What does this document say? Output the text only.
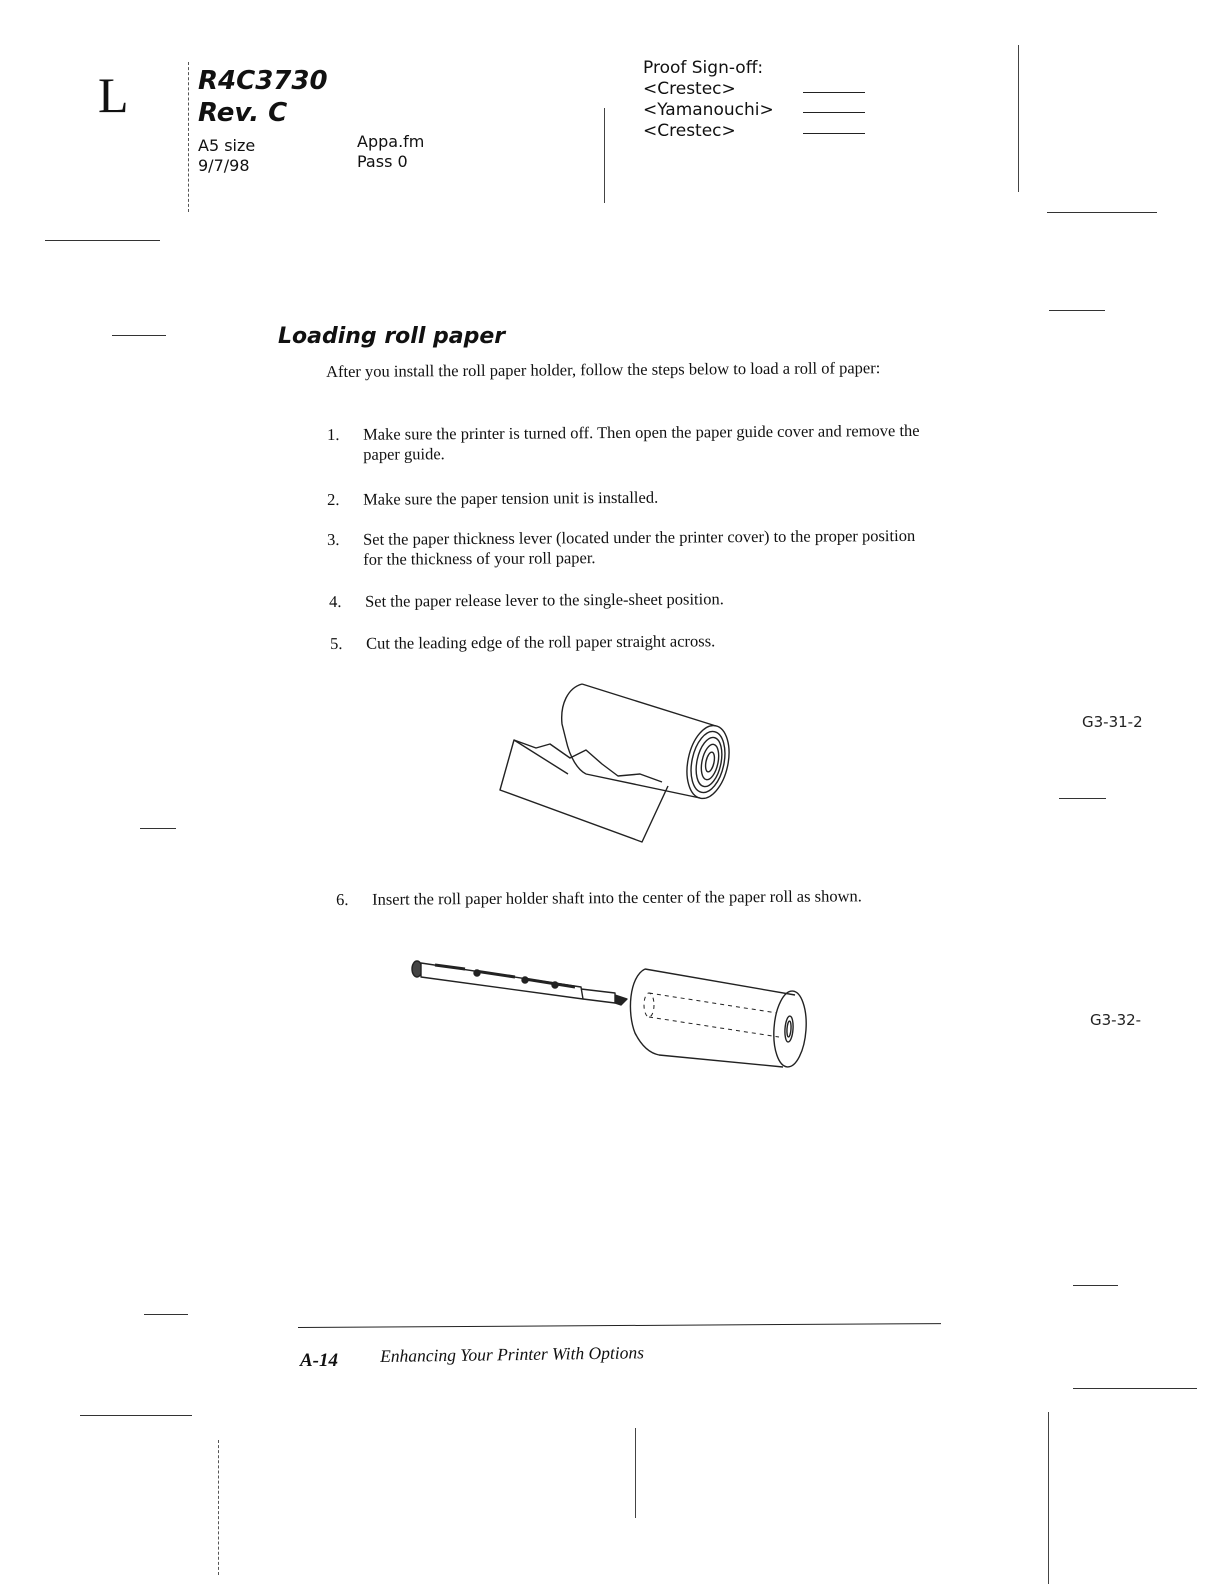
L	R4C3730
Rev. C
A5 size
9/7/98
Appa.fm
Pass 0
Proof Sign-off:
<Crestec>
<Yamanouchi>
<Crestec>
Loading roll paper
After you install the roll paper holder, follow the steps below to load a roll of paper:
1. Make sure the printer is turned off. Then open the paper guide cover and remove the paper guide.
2. Make sure the paper tension unit is installed.
3. Set the paper thickness lever (located under the printer cover) to the proper position for the thickness of your roll paper.
4. Set the paper release lever to the single-sheet position.
5. Cut the leading edge of the roll paper straight across.
G3-31-2
6. Insert the roll paper holder shaft into the center of the paper roll as shown.
G3-32-
A-14 Enhancing Your Printer With Options
